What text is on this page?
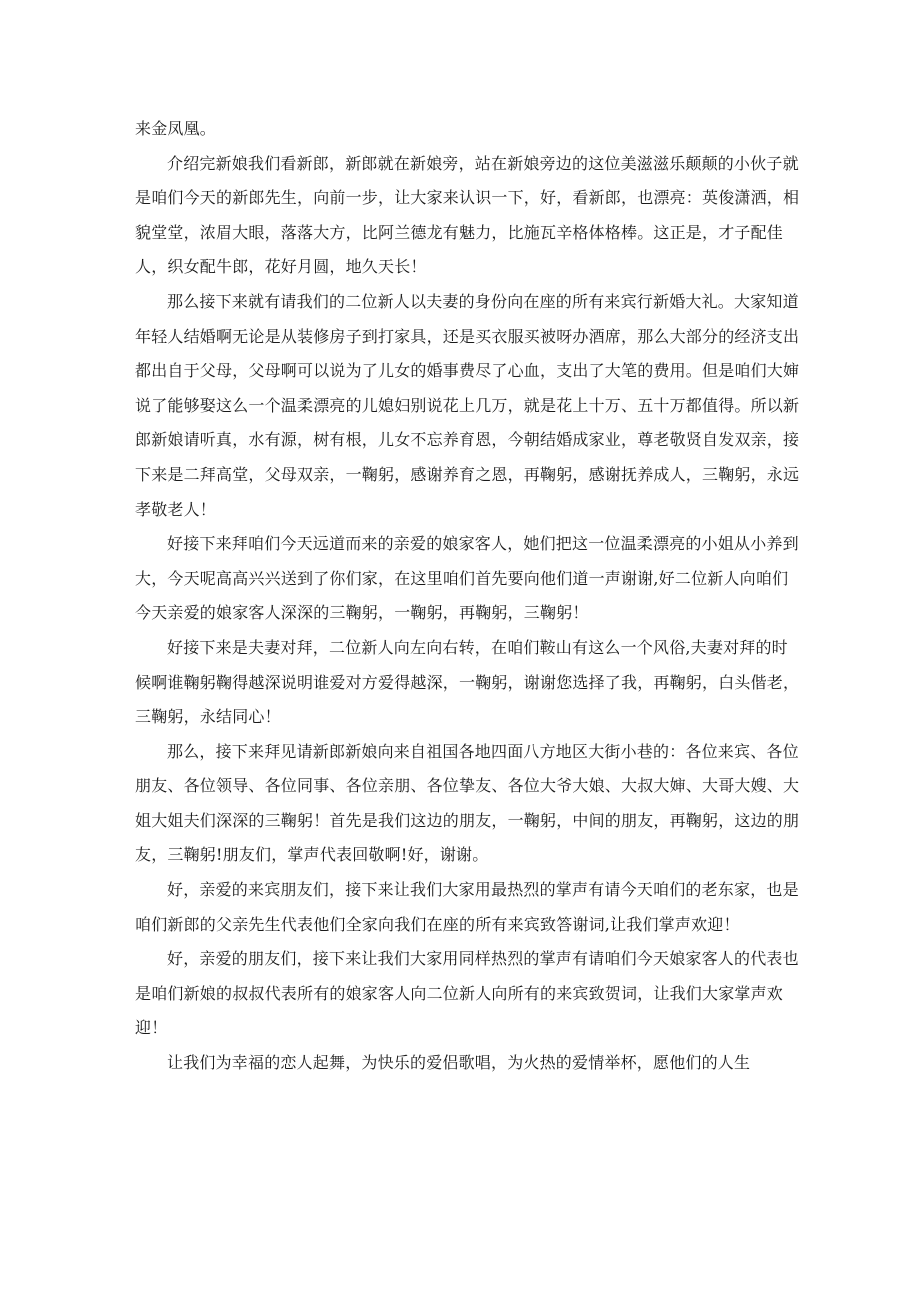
来金凤凰。

介绍完新娘我们看新郎，新郎就在新娘旁，站在新娘旁边的这位美滋滋乐颠颠的小伙子就是咱们今天的新郎先生，向前一步，让大家来认识一下，好，看新郎，也漂亮：英俊潇洒，相貌堂堂，浓眉大眼，落落大方，比阿兰德龙有魅力，比施瓦辛格体格棒。这正是，才子配佳人，织女配牛郎，花好月圆，地久天长！

那么接下来就有请我们的二位新人以夫妻的身份向在座的所有来宾行新婚大礼。大家知道年轻人结婚啊无论是从装修房子到打家具，还是买衣服买被呀办酒席，那么大部分的经济支出都出自于父母，父母啊可以说为了儿女的婚事费尽了心血，支出了大笔的费用。但是咱们大婶说了能够娶这么一个温柔漂亮的儿媳妇别说花上几万，就是花上十万、五十万都值得。所以新郎新娘请听真，水有源，树有根，儿女不忘养育恩，今朝结婚成家业，尊老敬贤自发双亲，接下来是二拜高堂，父母双亲，一鞠躬，感谢养育之恩，再鞠躬，感谢抚养成人，三鞠躬，永远孝敬老人！

好接下来拜咱们今天远道而来的亲爱的娘家客人，她们把这一位温柔漂亮的小姐从小养到大，今天呢高高兴兴送到了你们家，在这里咱们首先要向他们道一声谢谢,好二位新人向咱们今天亲爱的娘家客人深深的三鞠躬，一鞠躬，再鞠躬，三鞠躬！

好接下来是夫妻对拜，二位新人向左向右转，在咱们鞍山有这么一个风俗,夫妻对拜的时候啊谁鞠躬鞠得越深说明谁爱对方爱得越深，一鞠躬，谢谢您选择了我，再鞠躬，白头偕老，三鞠躬，永结同心！

那么，接下来拜见请新郎新娘向来自祖国各地四面八方地区大街小巷的：各位来宾、各位朋友、各位领导、各位同事、各位亲朋、各位挚友、各位大爷大娘、大叔大婶、大哥大嫂、大姐大姐夫们深深的三鞠躬！首先是我们这边的朋友，一鞠躬，中间的朋友，再鞠躬，这边的朋友，三鞠躬!朋友们，掌声代表回敬啊!好，谢谢。

好，亲爱的来宾朋友们，接下来让我们大家用最热烈的掌声有请今天咱们的老东家，也是咱们新郎的父亲先生代表他们全家向我们在座的所有来宾致答谢词,让我们掌声欢迎！

好，亲爱的朋友们，接下来让我们大家用同样热烈的掌声有请咱们今天娘家客人的代表也是咱们新娘的叔叔代表所有的娘家客人向二位新人向所有的来宾致贺词，让我们大家掌声欢迎！

让我们为幸福的恋人起舞，为快乐的爱侣歌唱，为火热的爱情举杯，愿他们的人生
